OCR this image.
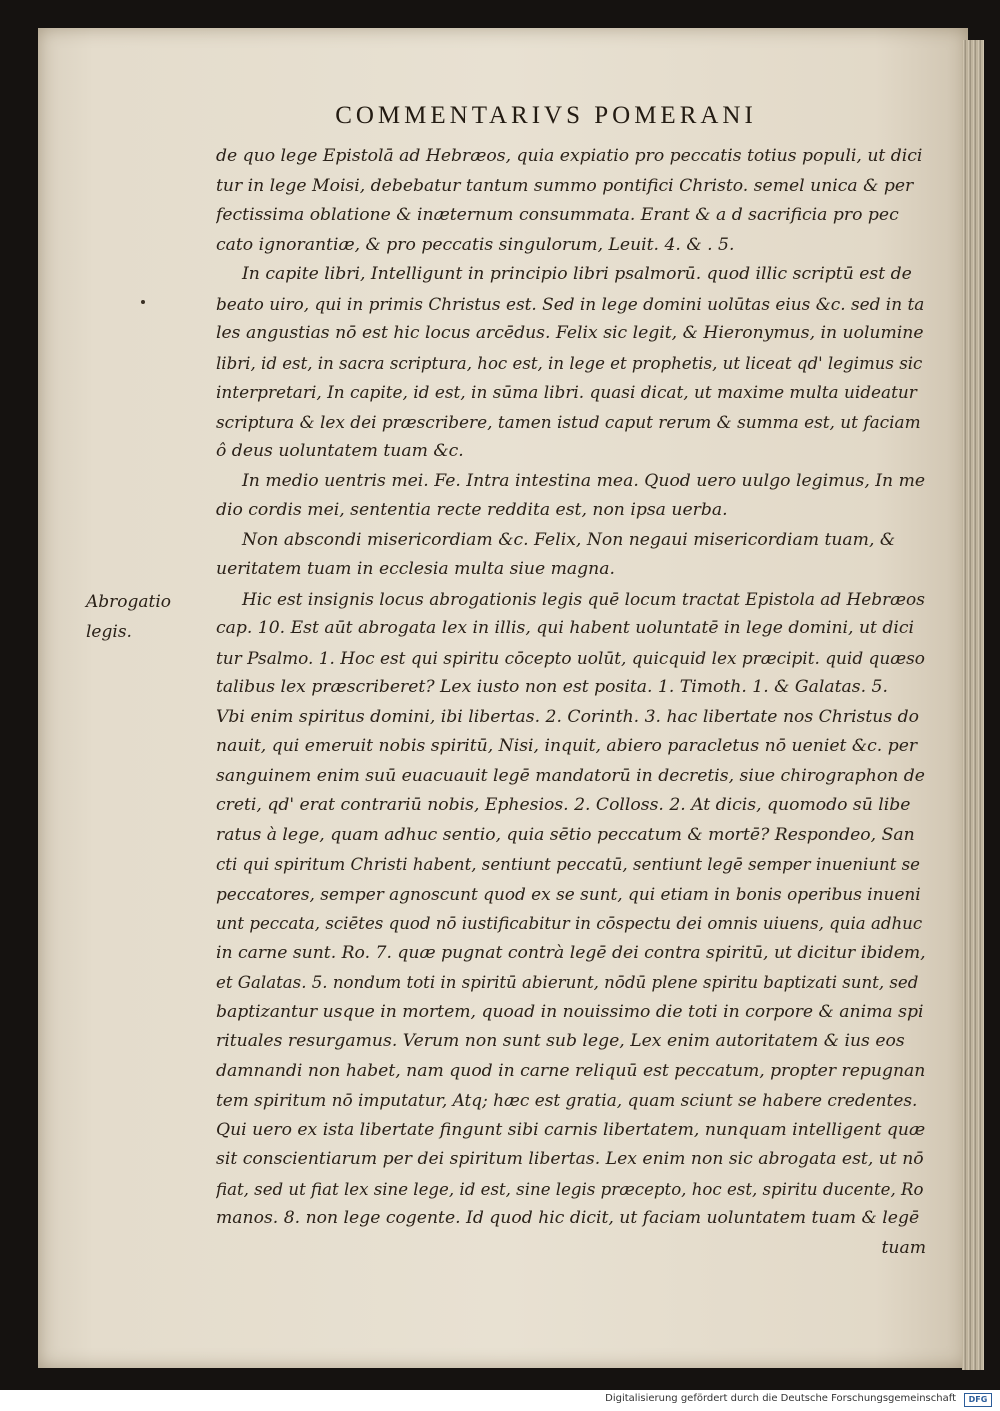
COMMENTARIVS POMERANI
Abrogatio
legis.
de quo lege Epistolā ad Hebræos, quia expiatio pro peccatis totius populi, ut dici
tur in lege Moisi, debebatur tantum summo pontifici Christo. semel unica & per
fectissima oblatione & inæternum consummata. Erant & a d sacrificia pro pec
cato ignorantiæ, & pro peccatis singulorum, Leuit. 4. & . 5.
In capite libri, Intelligunt in principio libri psalmorū. quod illic scriptū est de
beato uiro, qui in primis Christus est. Sed in lege domini uolūtas eius &c. sed in ta
les angustias nō est hic locus arcēdus. Felix sic legit, & Hieronymus, in uolumine
libri, id est, in sacra scriptura, hoc est, in lege et prophetis, ut liceat qd' legimus sic
interpretari, In capite, id est, in sūma libri. quasi dicat, ut maxime multa uideatur
scriptura & lex dei præscribere, tamen istud caput rerum & summa est, ut faciam
ô deus uoluntatem tuam &c.
In medio uentris mei. Fe. Intra intestina mea. Quod uero uulgo legimus, In me
dio cordis mei, sententia recte reddita est, non ipsa uerba.
Non abscondi misericordiam &c. Felix, Non negaui misericordiam tuam, &
ueritatem tuam in ecclesia multa siue magna.
Hic est insignis locus abrogationis legis quē locum tractat Epistola ad Hebræos
cap. 10. Est aūt abrogata lex in illis, qui habent uoluntatē in lege domini, ut dici
tur Psalmo. 1. Hoc est qui spiritu cōcepto uolūt, quicquid lex præcipit. quid quæso
talibus lex præscriberet? Lex iusto non est posita. 1. Timoth. 1. & Galatas. 5.
Vbi enim spiritus domini, ibi libertas. 2. Corinth. 3. hac libertate nos Christus do
nauit, qui emeruit nobis spiritū, Nisi, inquit, abiero paracletus nō ueniet &c. per
sanguinem enim suū euacuauit legē mandatorū in decretis, siue chirographon de
creti, qd' erat contrariū nobis, Ephesios. 2. Colloss. 2. At dicis, quomodo sū libe
ratus à lege, quam adhuc sentio, quia sētio peccatum & mortē? Respondeo, San
cti qui spiritum Christi habent, sentiunt peccatū, sentiunt legē semper inueniunt se
peccatores, semper agnoscunt quod ex se sunt, qui etiam in bonis operibus inueni
unt peccata, sciētes quod nō iustificabitur in cōspectu dei omnis uiuens, quia adhuc
in carne sunt. Ro. 7. quæ pugnat contrà legē dei contra spiritū, ut dicitur ibidem,
et Galatas. 5. nondum toti in spiritū abierunt, nōdū plene spiritu baptizati sunt, sed
baptizantur usque in mortem, quoad in nouissimo die toti in corpore & anima spi
rituales resurgamus. Verum non sunt sub lege, Lex enim autoritatem & ius eos
damnandi non habet, nam quod in carne reliquū est peccatum, propter repugnan
tem spiritum nō imputatur, Atq; hæc est gratia, quam sciunt se habere credentes.
Qui uero ex ista libertate fingunt sibi carnis libertatem, nunquam intelligent quæ
sit conscientiarum per dei spiritum libertas. Lex enim non sic abrogata est, ut nō
fiat, sed ut fiat lex sine lege, id est, sine legis præcepto, hoc est, spiritu ducente, Ro
manos. 8. non lege cogente. Id quod hic dicit, ut faciam uoluntatem tuam & legē
tuam
Digitalisierung gefördert durch die Deutsche Forschungsgemeinschaft	DFG
